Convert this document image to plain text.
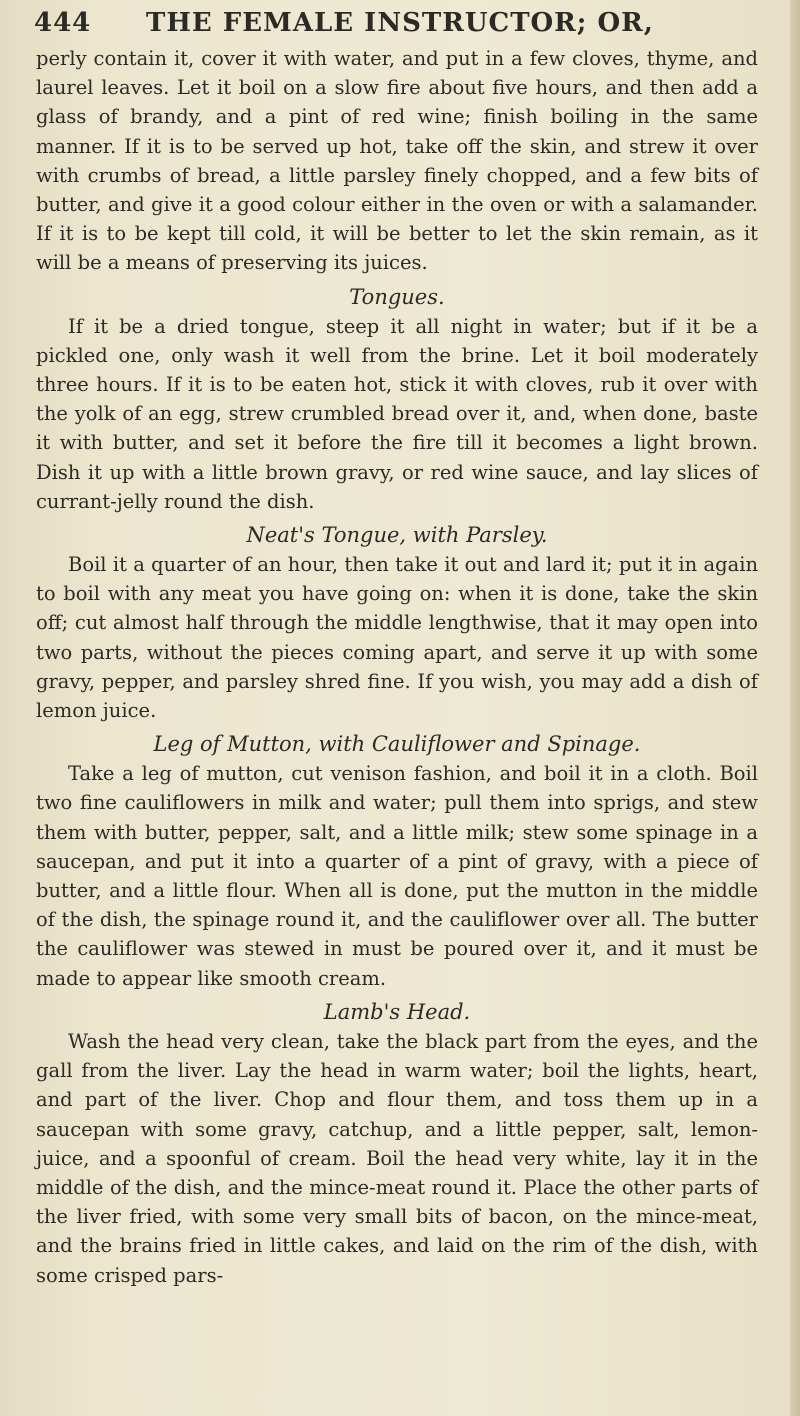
444 THE FEMALE INSTRUCTOR; OR,

perly contain it, cover it with water, and put in a few cloves, thyme, and laurel leaves. Let it boil on a slow fire about five hours, and then add a glass of brandy, and a pint of red wine; finish boiling in the same manner. If it is to be served up hot, take off the skin, and strew it over with crumbs of bread, a little parsley finely chopped, and a few bits of butter, and give it a good colour either in the oven or with a salamander. If it is to be kept till cold, it will be better to let the skin remain, as it will be a means of preserving its juices.

Tongues.

If it be a dried tongue, steep it all night in water; but if it be a pickled one, only wash it well from the brine. Let it boil moderately three hours. If it is to be eaten hot, stick it with cloves, rub it over with the yolk of an egg, strew crumbled bread over it, and, when done, baste it with butter, and set it before the fire till it becomes a light brown. Dish it up with a little brown gravy, or red wine sauce, and lay slices of currant-jelly round the dish.

Neat's Tongue, with Parsley.

Boil it a quarter of an hour, then take it out and lard it; put it in again to boil with any meat you have going on: when it is done, take the skin off; cut almost half through the middle lengthwise, that it may open into two parts, without the pieces coming apart, and serve it up with some gravy, pepper, and parsley shred fine. If you wish, you may add a dish of lemon juice.

Leg of Mutton, with Cauliflower and Spinage.

Take a leg of mutton, cut venison fashion, and boil it in a cloth. Boil two fine cauliflowers in milk and water; pull them into sprigs, and stew them with butter, pepper, salt, and a little milk; stew some spinage in a saucepan, and put it into a quarter of a pint of gravy, with a piece of butter, and a little flour. When all is done, put the mutton in the middle of the dish, the spinage round it, and the cauliflower over all. The butter the cauliflower was stewed in must be poured over it, and it must be made to appear like smooth cream.

Lamb's Head.

Wash the head very clean, take the black part from the eyes, and the gall from the liver. Lay the head in warm water; boil the lights, heart, and part of the liver. Chop and flour them, and toss them up in a saucepan with some gravy, catchup, and a little pepper, salt, lemon-juice, and a spoonful of cream. Boil the head very white, lay it in the middle of the dish, and the mince-meat round it. Place the other parts of the liver fried, with some very small bits of bacon, on the mince-meat, and the brains fried in little cakes, and laid on the rim of the dish, with some crisped pars-
